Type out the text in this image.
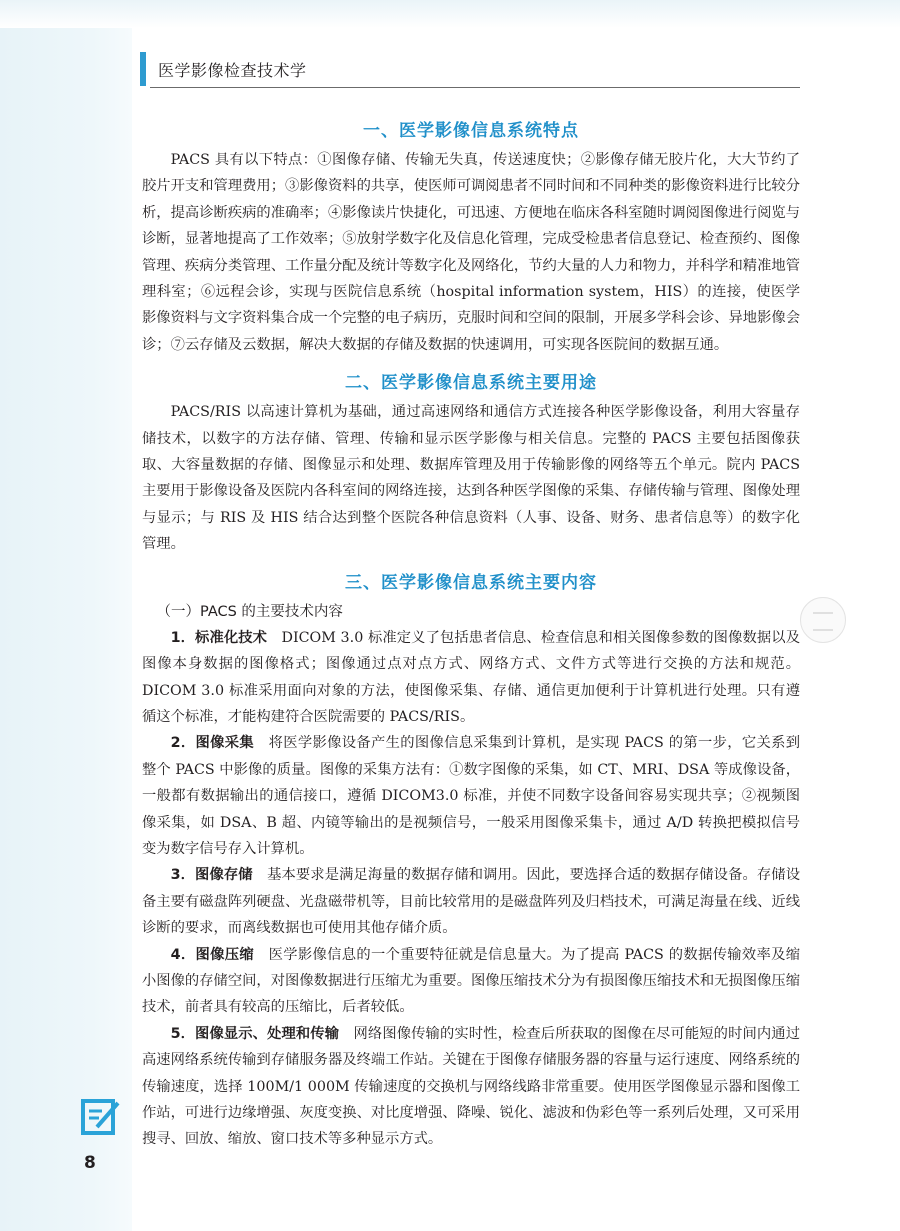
医学影像检查技术学
一、医学影像信息系统特点

PACS 具有以下特点：①图像存储、传输无失真，传送速度快；②影像存储无胶片化，大大节约了胶片开支和管理费用；③影像资料的共享，使医师可调阅患者不同时间和不同种类的影像资料进行比较分析，提高诊断疾病的准确率；④影像读片快捷化，可迅速、方便地在临床各科室随时调阅图像进行阅览与诊断，显著地提高了工作效率；⑤放射学数字化及信息化管理，完成受检患者信息登记、检查预约、图像管理、疾病分类管理、工作量分配及统计等数字化及网络化，节约大量的人力和物力，并科学和精准地管理科室；⑥远程会诊，实现与医院信息系统（hospital information system，HIS）的连接，使医学影像资料与文字资料集合成一个完整的电子病历，克服时间和空间的限制，开展多学科会诊、异地影像会诊；⑦云存储及云数据，解决大数据的存储及数据的快速调用，可实现各医院间的数据互通。

二、医学影像信息系统主要用途

PACS/RIS 以高速计算机为基础，通过高速网络和通信方式连接各种医学影像设备，利用大容量存储技术，以数字的方法存储、管理、传输和显示医学影像与相关信息。完整的 PACS 主要包括图像获取、大容量数据的存储、图像显示和处理、数据库管理及用于传输影像的网络等五个单元。院内 PACS 主要用于影像设备及医院内各科室间的网络连接，达到各种医学图像的采集、存储传输与管理、图像处理与显示；与 RIS 及 HIS 结合达到整个医院各种信息资料（人事、设备、财务、患者信息等）的数字化管理。

三、医学影像信息系统主要内容
（一）PACS 的主要技术内容

1．标准化技术　 DICOM 3.0 标准定义了包括患者信息、检查信息和相关图像参数的图像数据以及图像本身数据的图像格式；图像通过点对点方式、网络方式、文件方式等进行交换的方法和规范。DICOM 3.0 标准采用面向对象的方法，使图像采集、存储、通信更加便利于计算机进行处理。只有遵循这个标准，才能构建符合医院需要的 PACS/RIS。

2．图像采集　 将医学影像设备产生的图像信息采集到计算机，是实现 PACS 的第一步，它关系到整个 PACS 中影像的质量。图像的采集方法有：①数字图像的采集，如 CT、MRI、DSA 等成像设备，一般都有数据输出的通信接口，遵循 DICOM3.0 标准，并使不同数字设备间容易实现共享；②视频图像采集，如 DSA、B 超、内镜等输出的是视频信号，一般采用图像采集卡，通过 A/D 转换把模拟信号变为数字信号存入计算机。

3．图像存储　 基本要求是满足海量的数据存储和调用。因此，要选择合适的数据存储设备。存储设备主要有磁盘阵列硬盘、光盘磁带机等，目前比较常用的是磁盘阵列及归档技术，可满足海量在线、近线诊断的要求，而离线数据也可使用其他存储介质。

4．图像压缩　 医学影像信息的一个重要特征就是信息量大。为了提高 PACS 的数据传输效率及缩小图像的存储空间，对图像数据进行压缩尤为重要。图像压缩技术分为有损图像压缩技术和无损图像压缩技术，前者具有较高的压缩比，后者较低。

5．图像显示、处理和传输　 网络图像传输的实时性，检查后所获取的图像在尽可能短的时间内通过高速网络系统传输到存储服务器及终端工作站。关键在于图像存储服务器的容量与运行速度、网络系统的传输速度，选择 100M/1 000M 传输速度的交换机与网络线路非常重要。使用医学图像显示器和图像工作站，可进行边缘增强、灰度变换、对比度增强、降噪、锐化、滤波和伪彩色等一系列后处理，又可采用搜寻、回放、缩放、窗口技术等多种显示方式。

8
